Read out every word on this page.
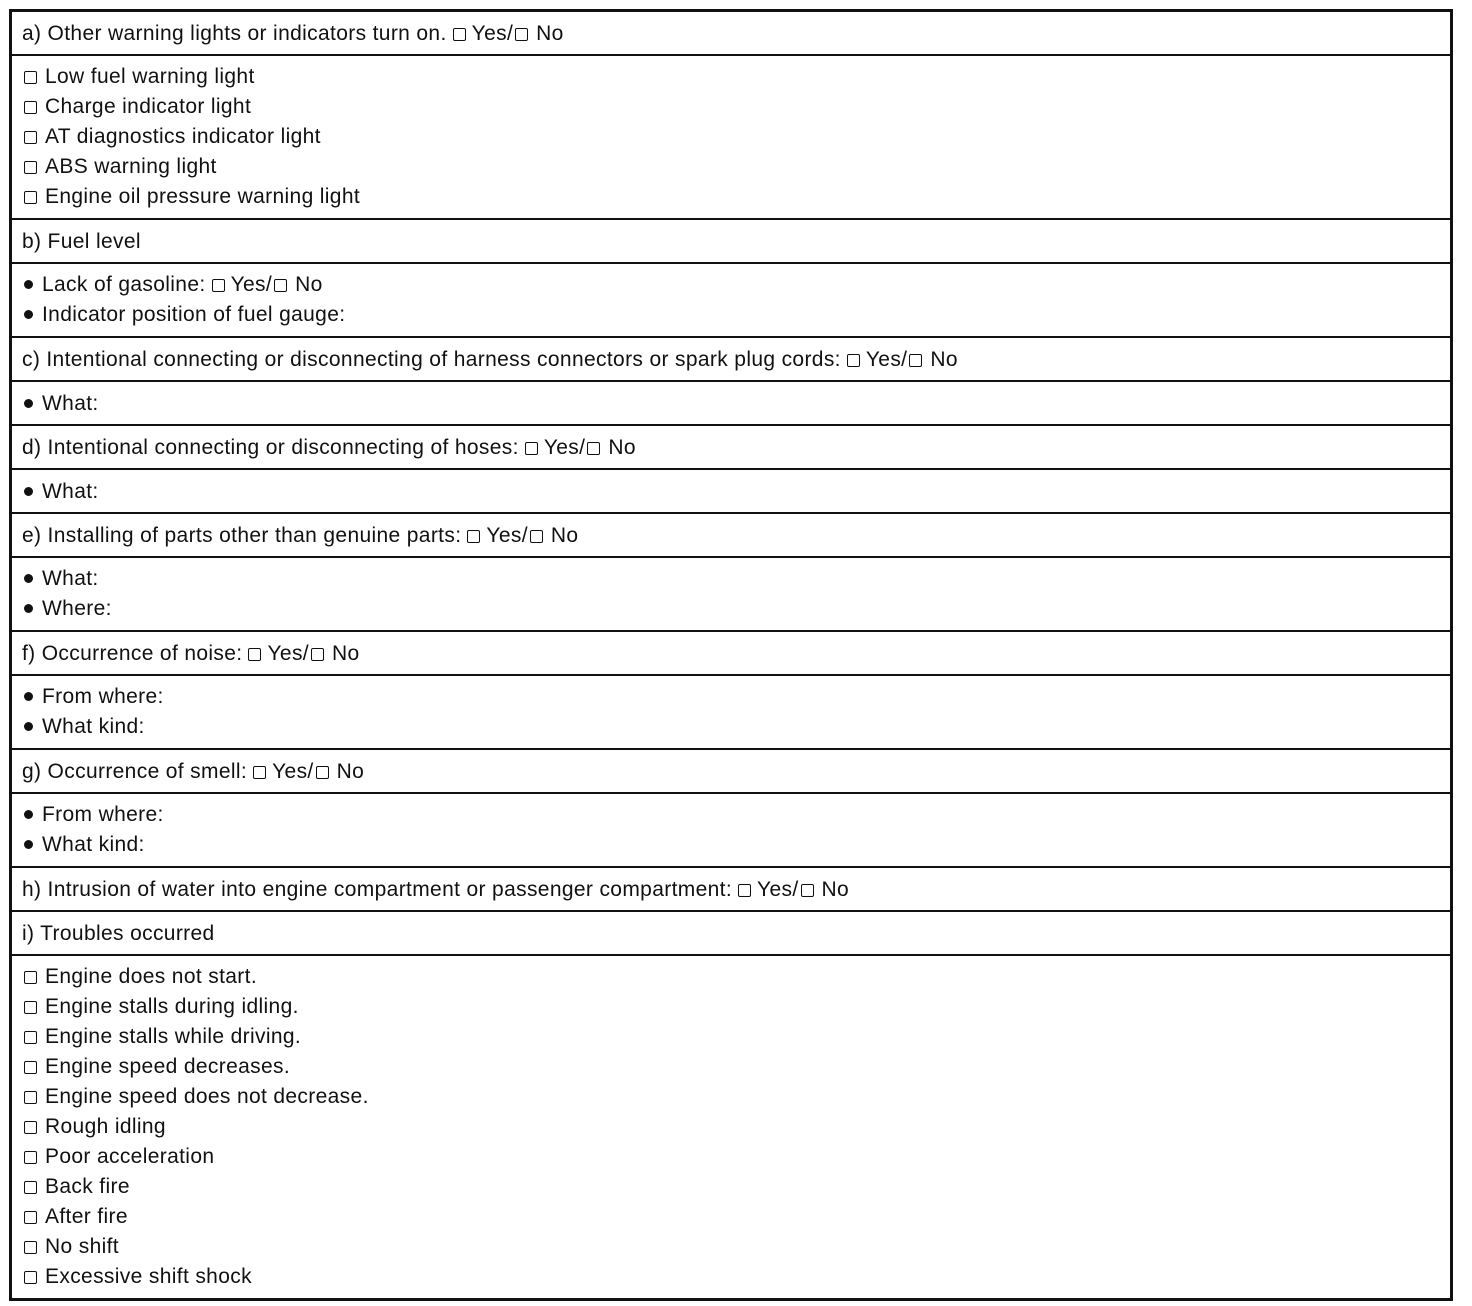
a) Other warning lights or indicators turn on. Yes/ No
Low fuel warning light
Charge indicator light
AT diagnostics indicator light
ABS warning light
Engine oil pressure warning light
b) Fuel level
Lack of gasoline: Yes/ No
Indicator position of fuel gauge:
c) Intentional connecting or disconnecting of harness connectors or spark plug cords: Yes/ No
What:
d) Intentional connecting or disconnecting of hoses: Yes/ No
What:
e) Installing of parts other than genuine parts: Yes/ No
What:
Where:
f) Occurrence of noise: Yes/ No
From where:
What kind:
g) Occurrence of smell: Yes/ No
From where:
What kind:
h) Intrusion of water into engine compartment or passenger compartment: Yes/ No
i) Troubles occurred
Engine does not start.
Engine stalls during idling.
Engine stalls while driving.
Engine speed decreases.
Engine speed does not decrease.
Rough idling
Poor acceleration
Back fire
After fire
No shift
Excessive shift shock
